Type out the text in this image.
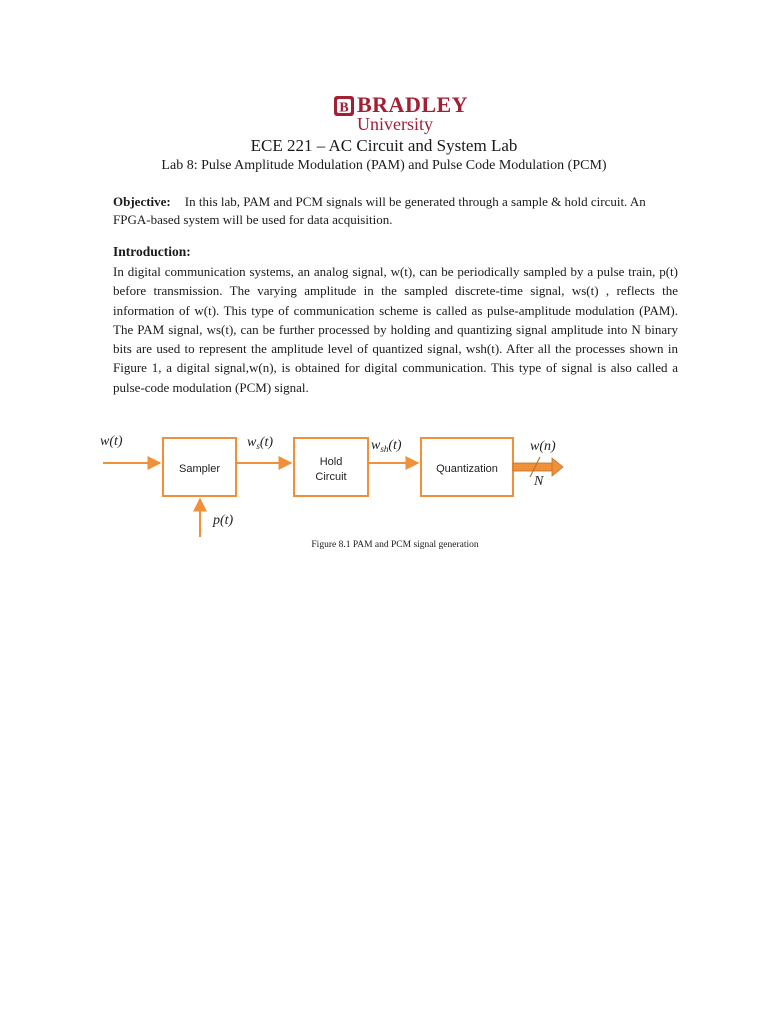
B BRADLEY
University
ECE 221 – AC Circuit and System Lab
Lab 8: Pulse Amplitude Modulation (PAM) and Pulse Code Modulation (PCM)
Objective: In this lab, PAM and PCM signals will be generated through a sample & hold circuit. An FPGA-based system will be used for data acquisition.
Introduction:
In digital communication systems, an analog signal, w(t), can be periodically sampled by a pulse train, p(t) before transmission. The varying amplitude in the sampled discrete-time signal, ws(t) , reflects the information of w(t). This type of communication scheme is called as pulse-amplitude modulation (PAM). The PAM signal, ws(t), can be further processed by holding and quantizing signal amplitude into N binary bits are used to represent the amplitude level of quantized signal, wsh(t). After all the processes shown in Figure 1, a digital signal,w(n), is obtained for digital communication. This type of signal is also called a pulse-code modulation (PCM) signal.
Sampler
Hold
Circuit
Quantization
w(t)	$w_s(t)$	$w_{sh}(t)$	w(n)
N
p(t)
Figure 8.1 PAM and PCM signal generation
